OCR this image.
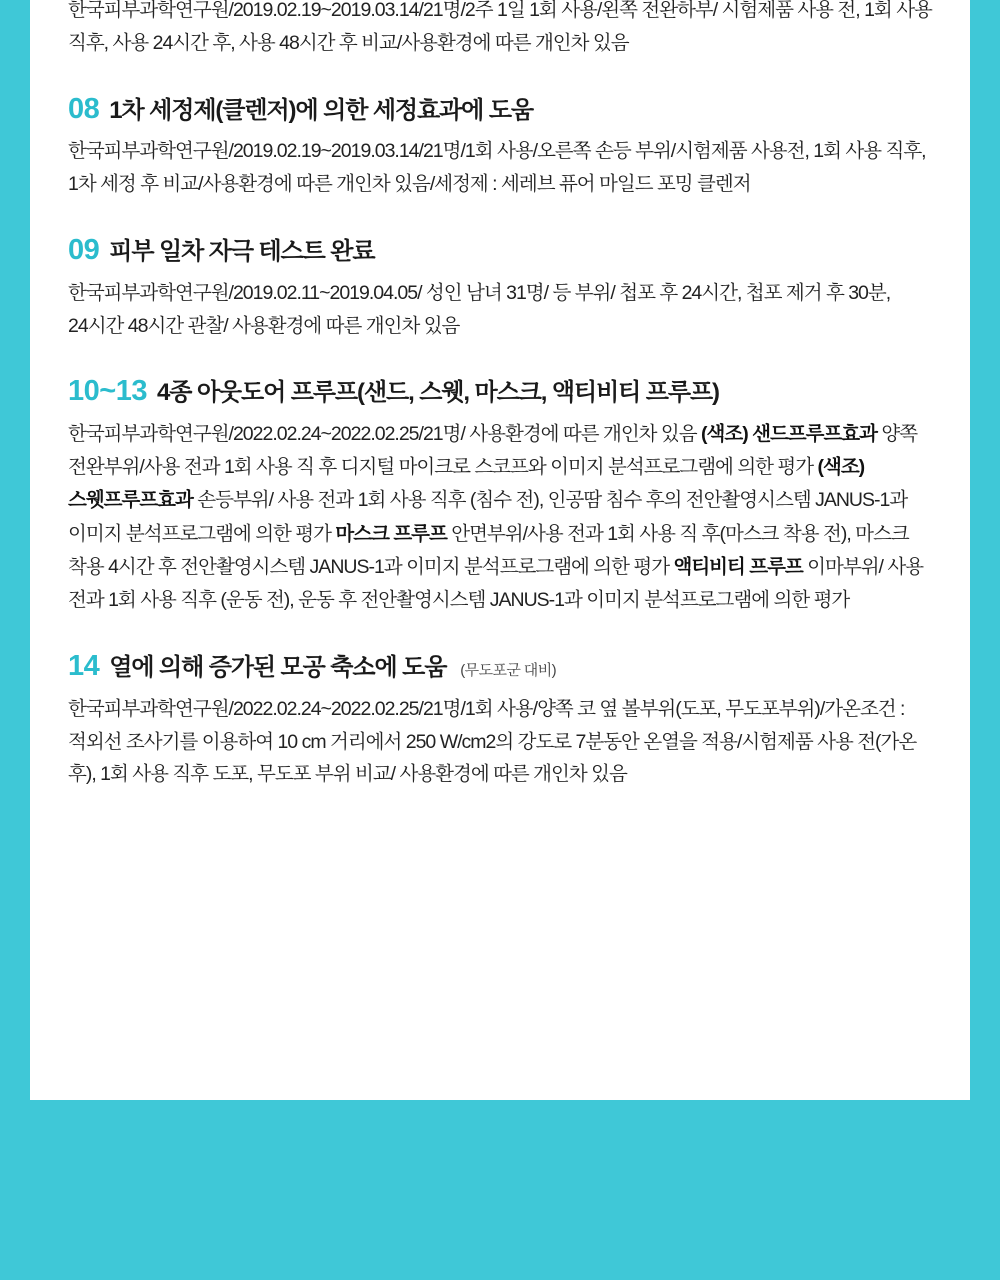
한국피부과학연구원/2019.02.19~2019.03.14/21명/2주 1일 1회 사용/왼쪽 전완하부/ 시험제품 사용 전, 1회 사용 직후, 사용 24시간 후, 사용 48시간 후 비교/사용환경에 따른 개인차 있음
08 1차 세정제(클렌저)에 의한 세정효과에 도움
한국피부과학연구원/2019.02.19~2019.03.14/21명/1회 사용/오른쪽 손등 부위/시험제품 사용전, 1회 사용 직후, 1차 세정 후 비교/사용환경에 따른 개인차 있음/세정제 : 세레브 퓨어 마일드 포밍 클렌저
09 피부 일차 자극 테스트 완료
한국피부과학연구원/2019.02.11~2019.04.05/ 성인 남녀 31명/ 등 부위/ 첩포 후 24시간, 첩포 제거 후 30분, 24시간 48시간 관찰/ 사용환경에 따른 개인차 있음
10~13 4종 아웃도어 프루프(샌드, 스웻, 마스크, 액티비티 프루프)
한국피부과학연구원/2022.02.24~2022.02.25/21명/ 사용환경에 따른 개인차 있음 (색조) 샌드프루프효과 양쪽 전완부위/사용 전과 1회 사용 직 후 디지털 마이크로 스코프와 이미지 분석프로그램에 의한 평가 (색조) 스웻프루프효과 손등부위/ 사용 전과 1회 사용 직후 (침수 전), 인공땀 침수 후의 전안촬영시스템 JANUS-1과 이미지 분석프로그램에 의한 평가 마스크 프루프 안면부위/사용 전과 1회 사용 직 후(마스크 착용 전), 마스크 착용 4시간 후 전안촬영시스템 JANUS-1과 이미지 분석프로그램에 의한 평가 액티비티 프루프 이마부위/ 사용 전과 1회 사용 직후 (운동 전), 운동 후 전안촬영시스템 JANUS-1과 이미지 분석프로그램에 의한 평가
14 열에 의해 증가된 모공 축소에 도움 (무도포군 대비)
한국피부과학연구원/2022.02.24~2022.02.25/21명/1회 사용/양쪽 코 옆 볼부위(도포, 무도포부위)/가온조건 : 적외선 조사기를 이용하여 10 cm 거리에서 250 W/cm2의 강도로 7분동안 온열을 적용/시험제품 사용 전(가온 후), 1회 사용 직후 도포, 무도포 부위 비교/ 사용환경에 따른 개인차 있음
